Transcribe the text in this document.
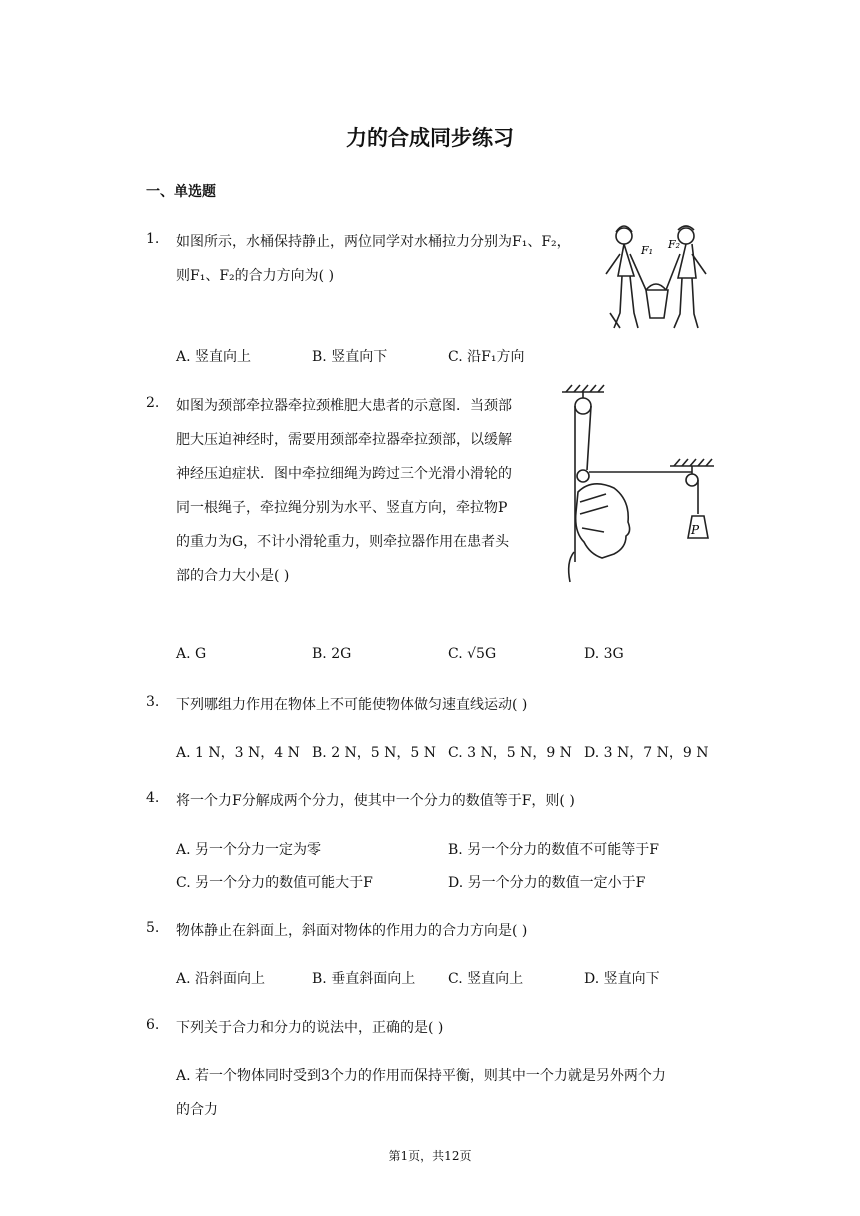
力的合成同步练习
一、单选题
1. 如图所示，水桶保持静止，两位同学对水桶拉力分别为F₁、F₂，
则F₁、F₂的合力方向为( )
F₁ F₂
A. 竖直向上	B. 竖直向下	C. 沿F₁方向
2. 如图为颈部牵拉器牵拉颈椎肥大患者的示意图．当颈部
肥大压迫神经时，需要用颈部牵拉器牵拉颈部，以缓解
神经压迫症状．图中牵拉细绳为跨过三个光滑小滑轮的
同一根绳子，牵拉绳分别为水平、竖直方向，牵拉物P
的重力为G，不计小滑轮重力，则牵拉器作用在患者头
部的合力大小是( )
P
A. G	B. 2G	C. √5G	D. 3G
3. 下列哪组力作用在物体上不可能使物体做匀速直线运动( )
A. 1 N，3 N，4 N B. 2 N，5 N，5 N C. 3 N，5 N，9 N D. 3 N，7 N，9 N
4. 将一个力F分解成两个分力，使其中一个分力的数值等于F，则( )
A. 另一个分力一定为零	B. 另一个分力的数值不可能等于F
C. 另一个分力的数值可能大于F	D. 另一个分力的数值一定小于F
5. 物体静止在斜面上，斜面对物体的作用力的合力方向是( )
A. 沿斜面向上	B. 垂直斜面向上 C. 竖直向上	D. 竖直向下
6. 下列关于合力和分力的说法中，正确的是( )
A. 若一个物体同时受到3个力的作用而保持平衡，则其中一个力就是另外两个力
的合力
第1页，共12页
